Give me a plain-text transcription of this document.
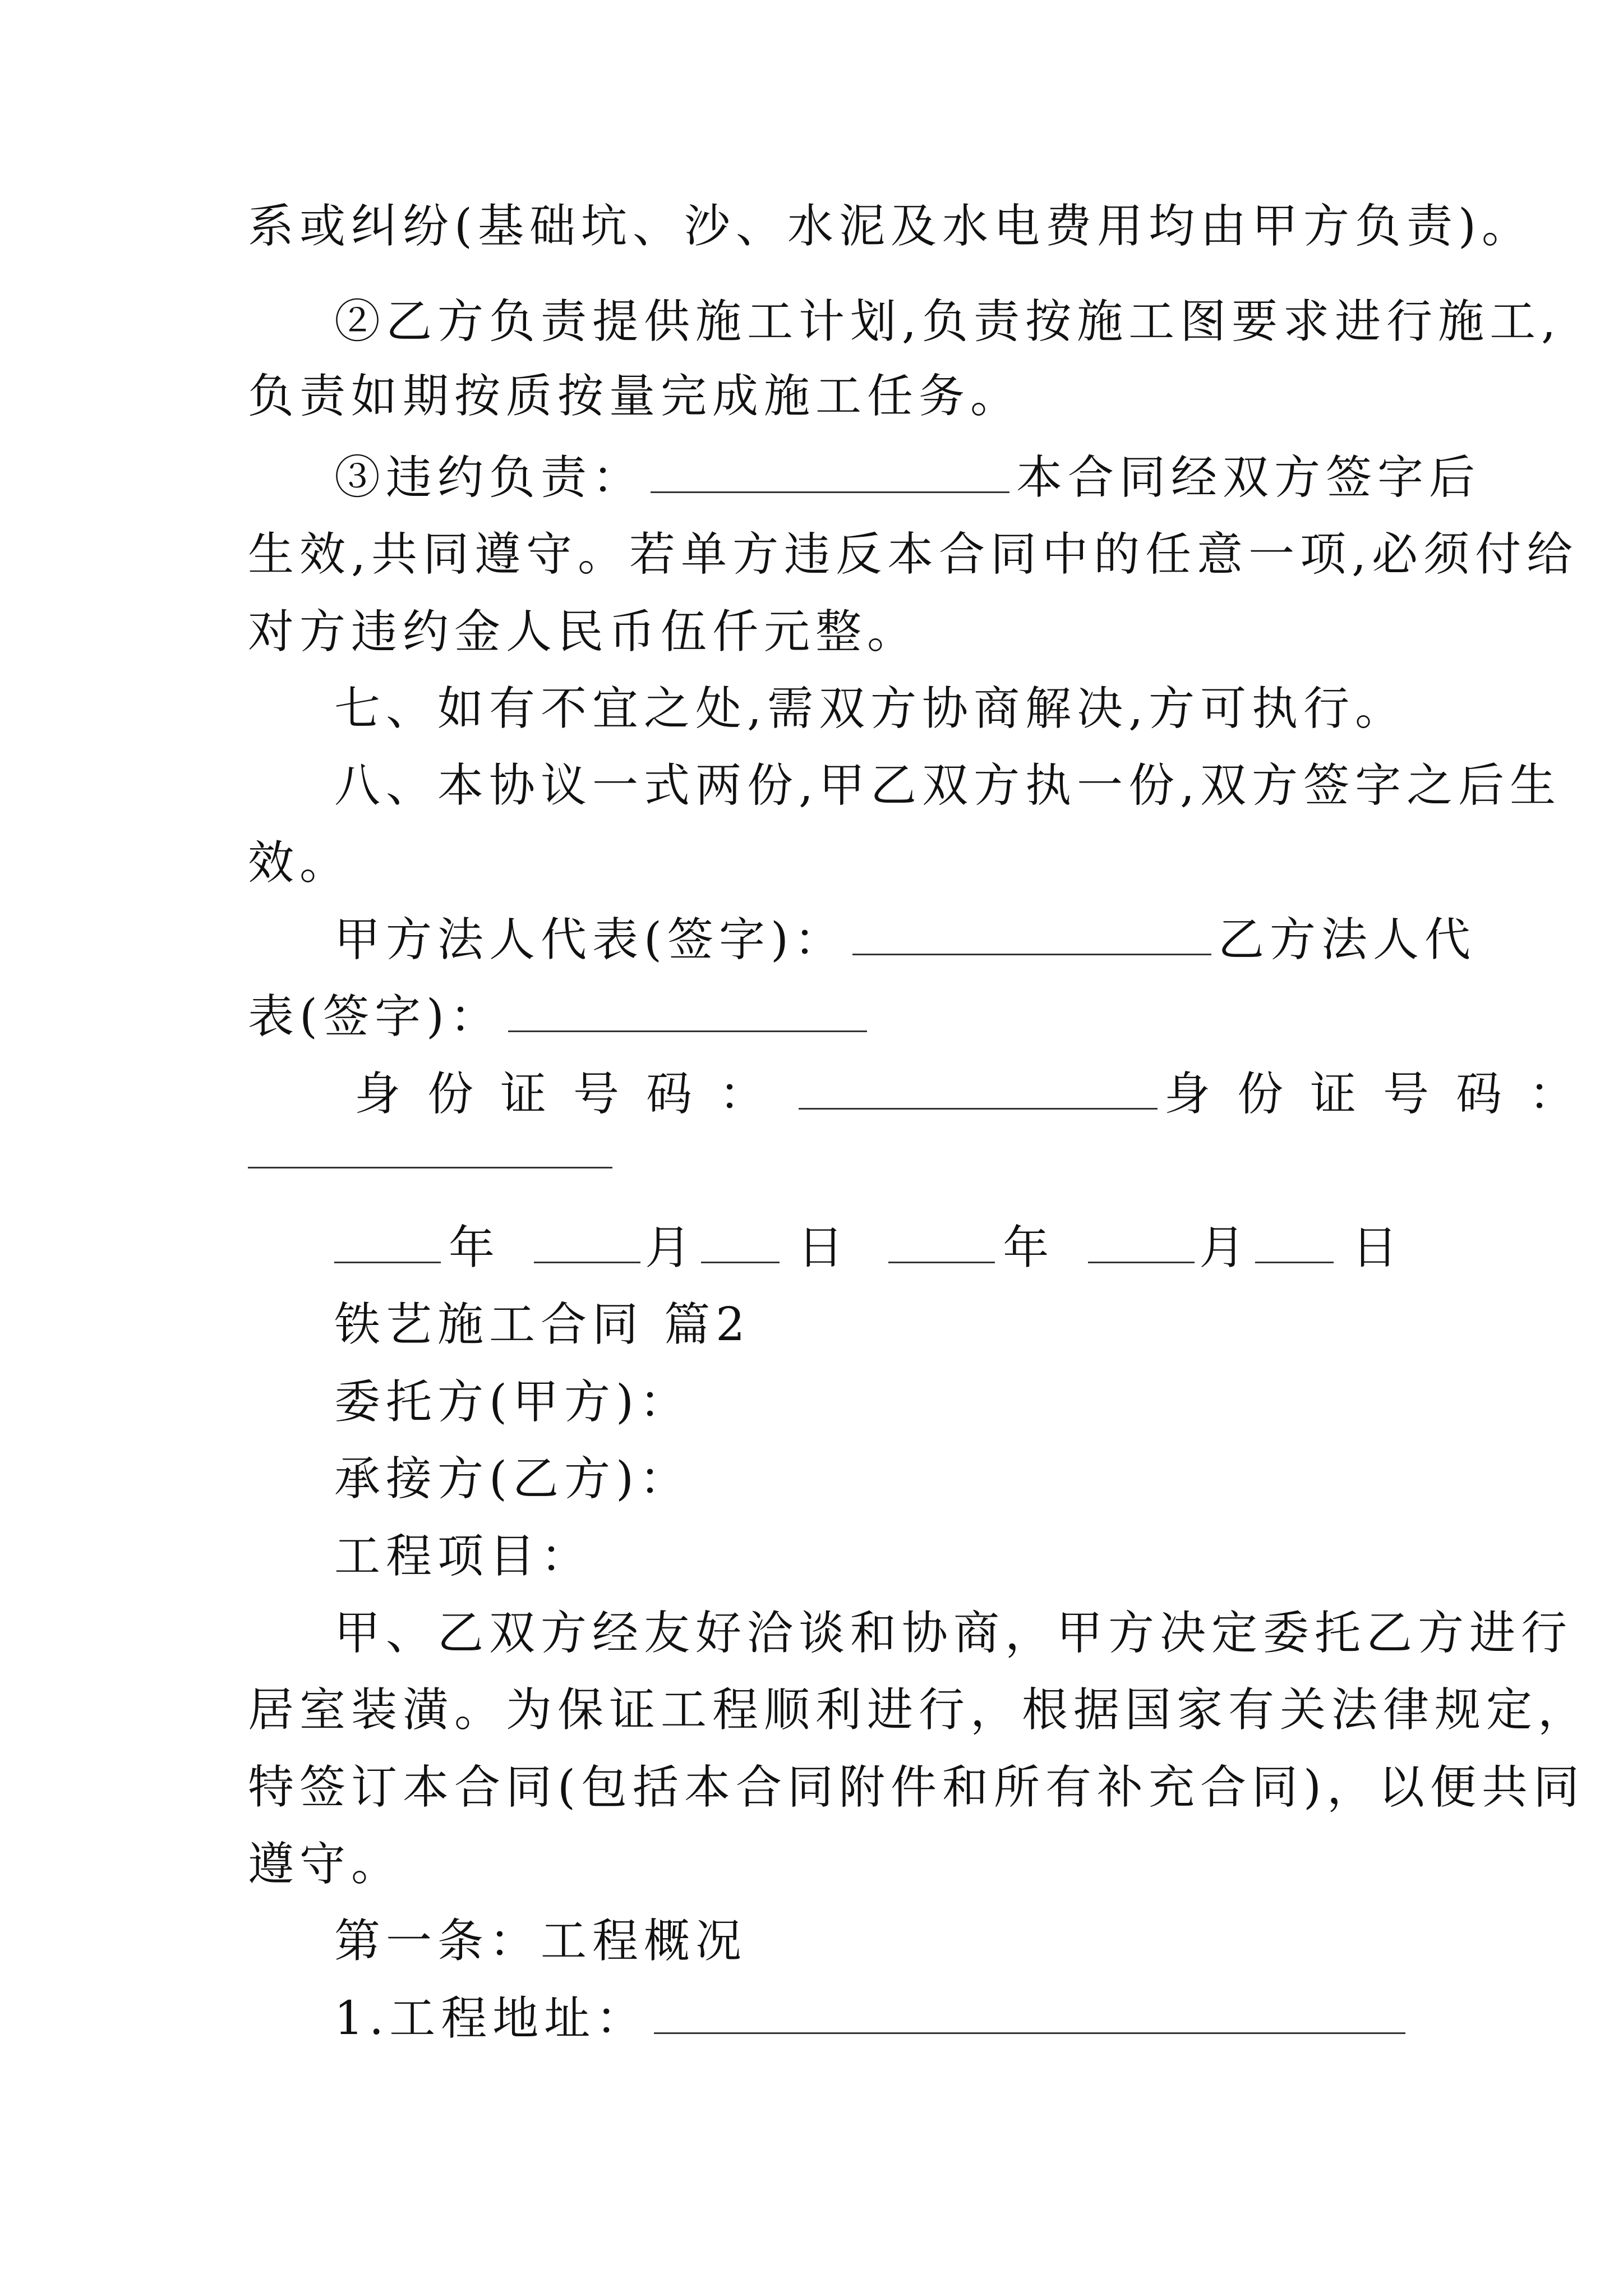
系或纠纷(基础坑、沙、水泥及水电费用均由甲方负责)。
②乙方负责提供施工计划,负责按施工图要求进行施工,
负责如期按质按量完成施工任务。
③违约负责：	本合同经双方签字后
生效,共同遵守。若单方违反本合同中的任意一项,必须付给
对方违约金人民币伍仟元整。
七、如有不宜之处,需双方协商解决,方可执行。
八、本协议一式两份,甲乙双方执一份,双方签字之后生
效。
甲方法人代表(签字)：	乙方法人代
表(签字)：
身份证号码：	身份证号码：
年	月 日	年	月 日
铁艺施工合同 篇2
委托方(甲方)：
承接方(乙方)：
工程项目：
甲、乙双方经友好洽谈和协商，甲方决定委托乙方进行
居室装潢。为保证工程顺利进行，根据国家有关法律规定，
特签订本合同(包括本合同附件和所有补充合同)，以便共同
遵守。
第一条：工程概况
1.工程地址：
